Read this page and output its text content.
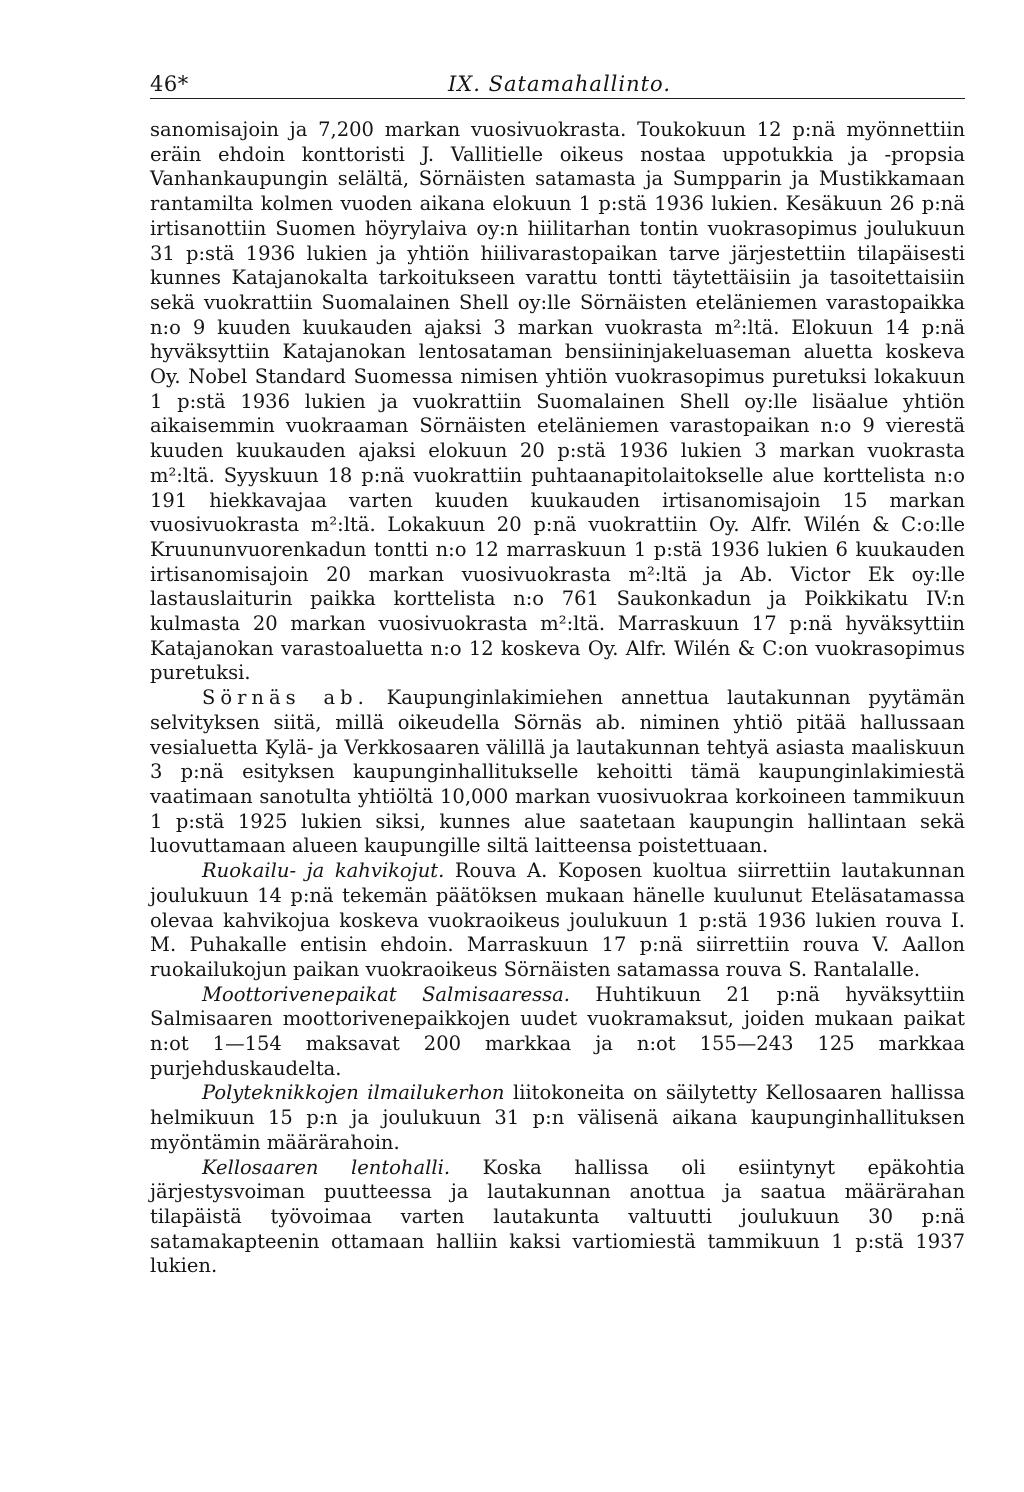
46*	IX. Satamahallinto.

sanomisajoin ja 7,200 markan vuosivuokrasta. Toukokuun 12 p:nä myönnettiin eräin ehdoin konttoristi J. Vallitielle oikeus nostaa uppotukkia ja -propsia Vanhankaupungin selältä, Sörnäisten satamasta ja Sumpparin ja Mustikkamaan rantamilta kolmen vuoden aikana elokuun 1 p:stä 1936 lukien. Kesäkuun 26 p:nä irtisanottiin Suomen höyrylaiva oy:n hiilitarhan tontin vuokrasopimus joulukuun 31 p:stä 1936 lukien ja yhtiön hiilivarastopaikan tarve järjestettiin tilapäisesti kunnes Katajanokalta tarkoitukseen varattu tontti täytettäisiin ja tasoitettaisiin sekä vuokrattiin Suomalainen Shell oy:lle Sörnäisten eteläniemen varastopaikka n:o 9 kuuden kuukauden ajaksi 3 markan vuokrasta m²:ltä. Elokuun 14 p:nä hyväksyttiin Katajanokan lentosataman bensiininjakeluaseman aluetta koskeva Oy. Nobel Standard Suomessa nimisen yhtiön vuokrasopimus puretuksi lokakuun 1 p:stä 1936 lukien ja vuokrattiin Suomalainen Shell oy:lle lisäalue yhtiön aikaisemmin vuokraaman Sörnäisten eteläniemen varastopaikan n:o 9 vierestä kuuden kuukauden ajaksi elokuun 20 p:stä 1936 lukien 3 markan vuokrasta m²:ltä. Syyskuun 18 p:nä vuokrattiin puhtaanapitolaitokselle alue korttelista n:o 191 hiekkavajaa varten kuuden kuukauden irtisanomisajoin 15 markan vuosivuokrasta m²:ltä. Lokakuun 20 p:nä vuokrattiin Oy. Alfr. Wilén & C:o:lle Kruununvuorenkadun tontti n:o 12 marraskuun 1 p:stä 1936 lukien 6 kuukauden irtisanomisajoin 20 markan vuosivuokrasta m²:ltä ja Ab. Victor Ek oy:lle lastauslaiturin paikka korttelista n:o 761 Saukonkadun ja Poikkikatu IV:n kulmasta 20 markan vuosivuokrasta m²:ltä. Marraskuun 17 p:nä hyväksyttiin Katajanokan varastoaluetta n:o 12 koskeva Oy. Alfr. Wilén & C:on vuokrasopimus puretuksi.

Sörnäs ab. Kaupunginlakimiehen annettua lautakunnan pyytämän selvityksen siitä, millä oikeudella Sörnäs ab. niminen yhtiö pitää hallussaan vesialuetta Kylä- ja Verkkosaaren välillä ja lautakunnan tehtyä asiasta maaliskuun 3 p:nä esityksen kaupunginhallitukselle kehoitti tämä kaupunginlakimiestä vaatimaan sanotulta yhtiöltä 10,000 markan vuosivuokraa korkoineen tammikuun 1 p:stä 1925 lukien siksi, kunnes alue saatetaan kaupungin hallintaan sekä luovuttamaan alueen kaupungille siltä laitteensa poistettuaan.

Ruokailu- ja kahvikojut. Rouva A. Koposen kuoltua siirrettiin lautakunnan joulukuun 14 p:nä tekemän päätöksen mukaan hänelle kuulunut Eteläsatamassa olevaa kahvikojua koskeva vuokraoikeus joulukuun 1 p:stä 1936 lukien rouva I. M. Puhakalle entisin ehdoin. Marraskuun 17 p:nä siirrettiin rouva V. Aallon ruokailukojun paikan vuokraoikeus Sörnäisten satamassa rouva S. Rantalalle.

Moottorivenepaikat Salmisaaressa. Huhtikuun 21 p:nä hyväksyttiin Salmisaaren moottorivenepaikkojen uudet vuokramaksut, joiden mukaan paikat n:ot 1—154 maksavat 200 markkaa ja n:ot 155—243 125 markkaa purjehduskaudelta.

Polyteknikkojen ilmailukerhon liitokoneita on säilytetty Kellosaaren hallissa helmikuun 15 p:n ja joulukuun 31 p:n välisenä aikana kaupunginhallituksen myöntämin määrärahoin.

Kellosaaren lentohalli. Koska hallissa oli esiintynyt epäkohtia järjestysvoiman puutteessa ja lautakunnan anottua ja saatua määrärahan tilapäistä työvoimaa varten lautakunta valtuutti joulukuun 30 p:nä satamakapteenin ottamaan halliin kaksi vartiomiestä tammikuun 1 p:stä 1937 lukien.
